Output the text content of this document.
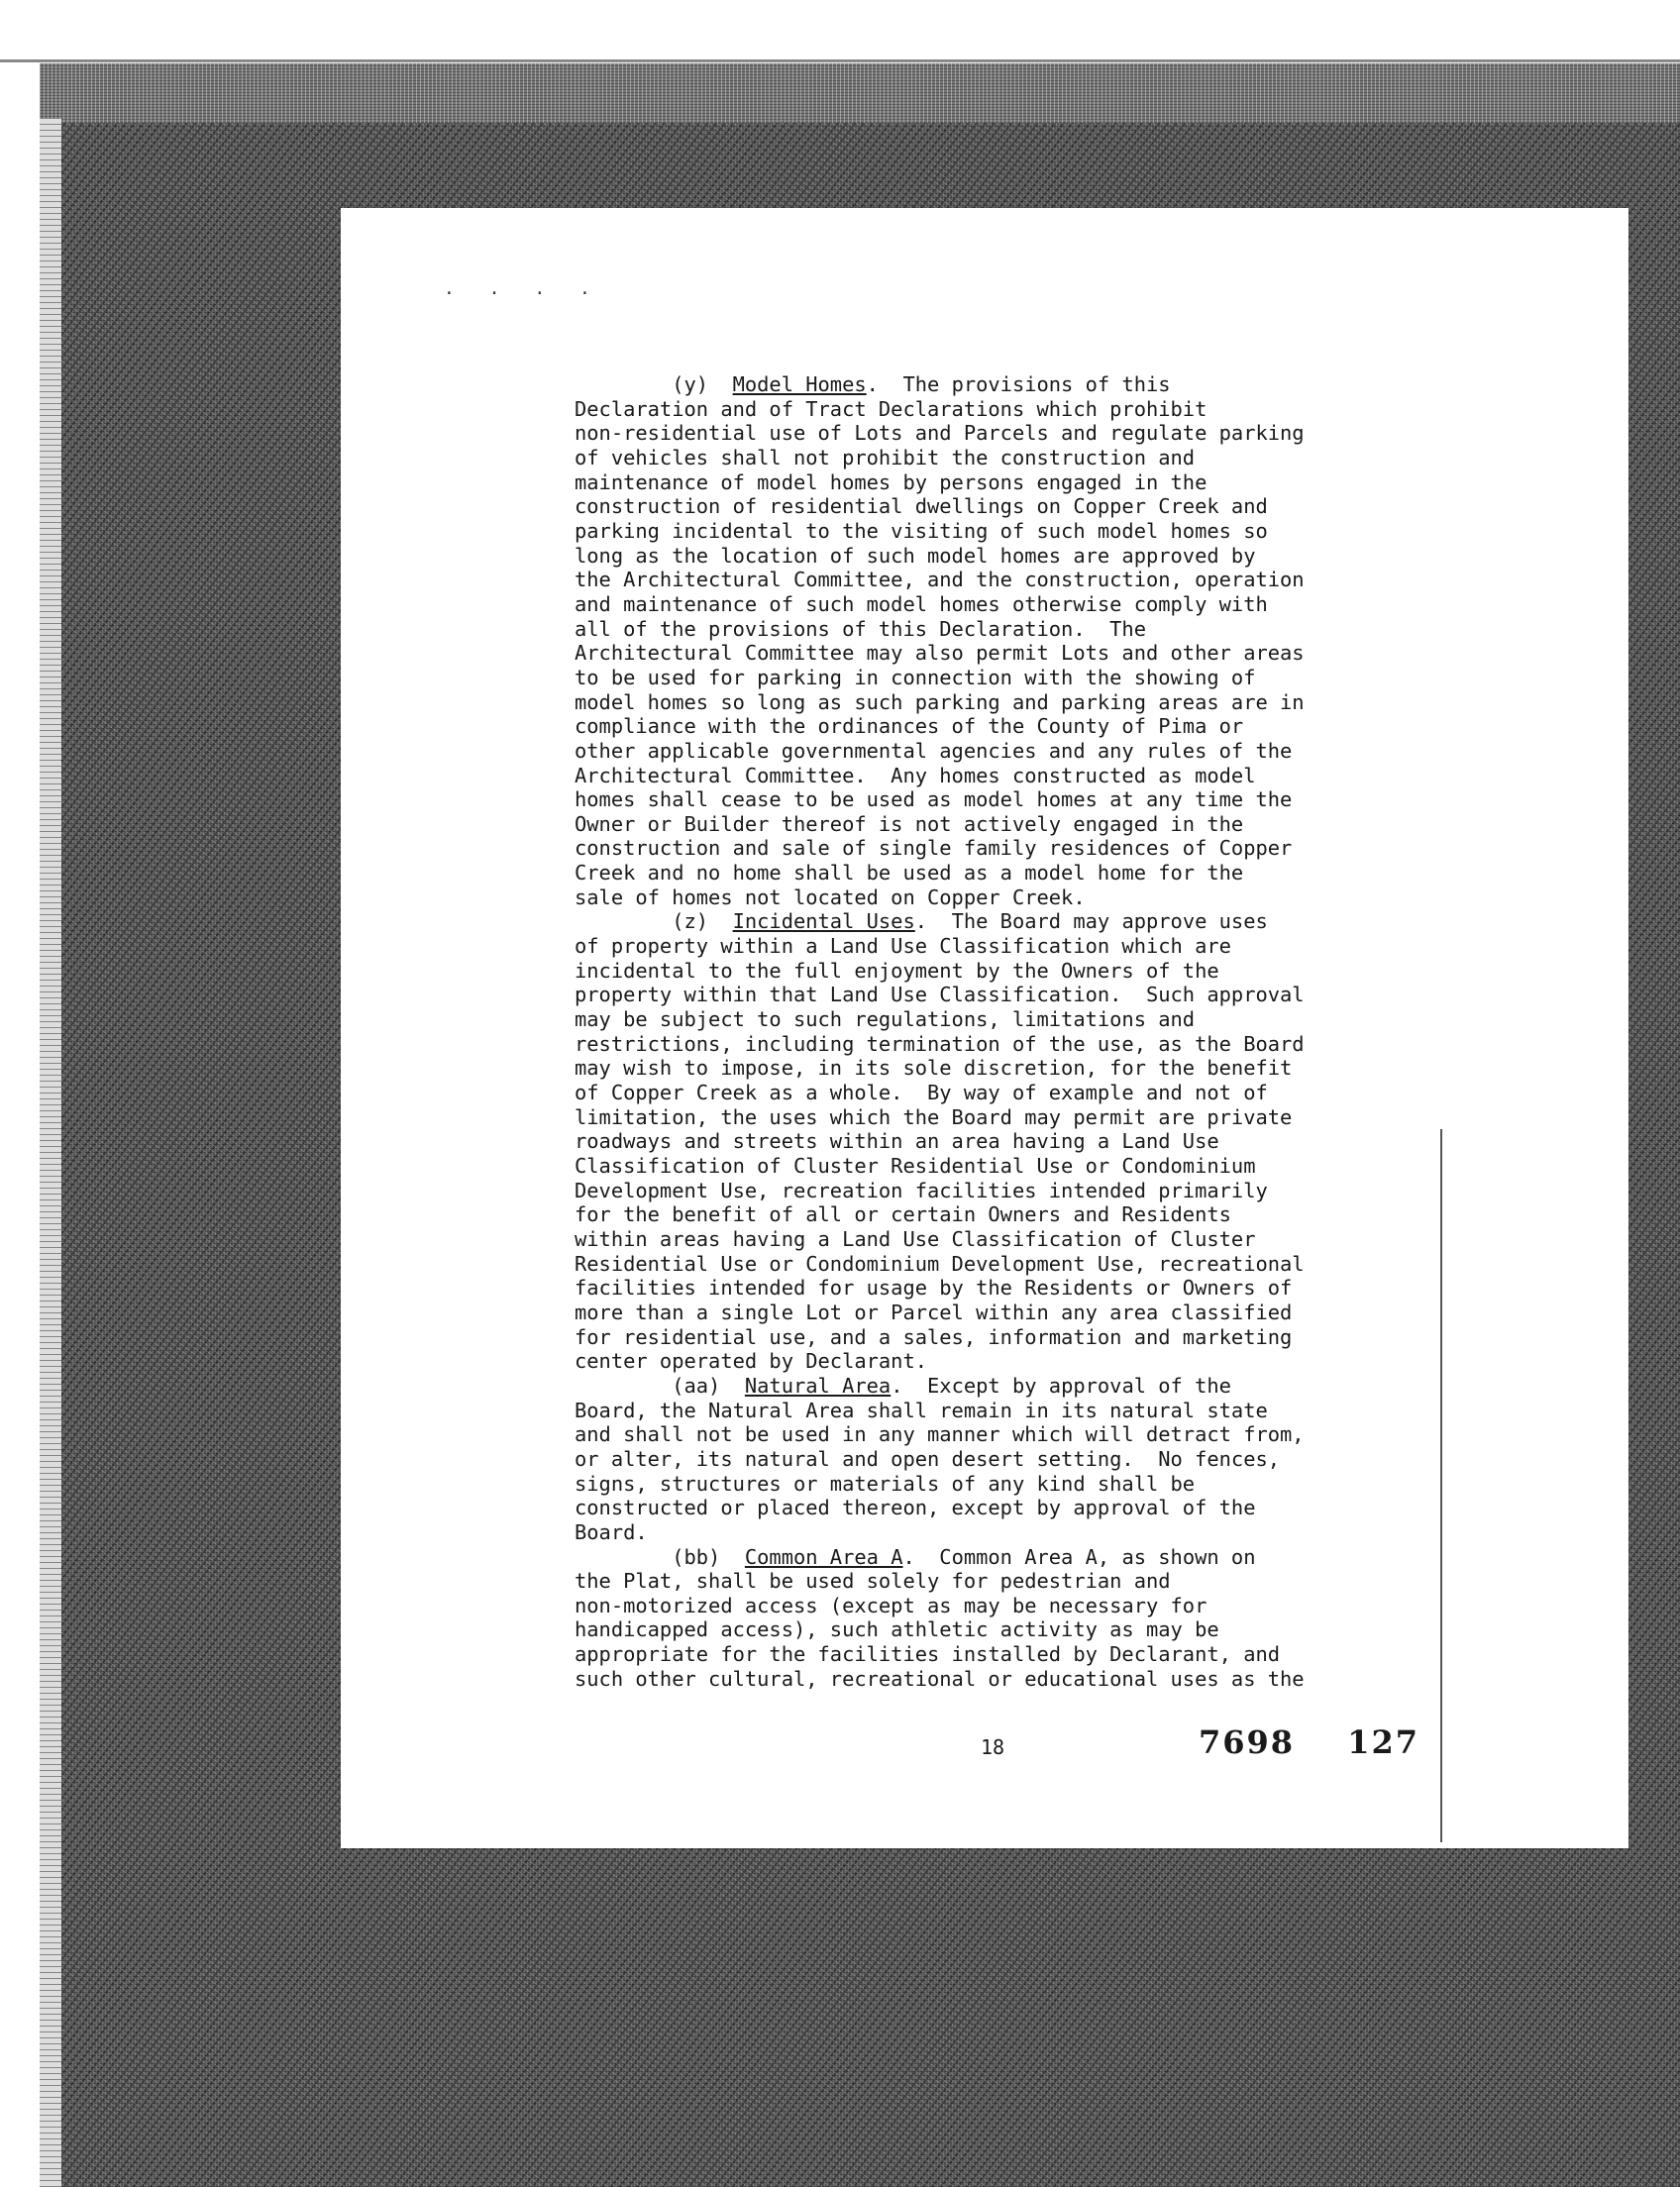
· · · ·
(y)  Model Homes.  The provisions of this
Declaration and of Tract Declarations which prohibit
non-residential use of Lots and Parcels and regulate parking
of vehicles shall not prohibit the construction and
maintenance of model homes by persons engaged in the
construction of residential dwellings on Copper Creek and
parking incidental to the visiting of such model homes so
long as the location of such model homes are approved by
the Architectural Committee, and the construction, operation
and maintenance of such model homes otherwise comply with
all of the provisions of this Declaration.  The
Architectural Committee may also permit Lots and other areas
to be used for parking in connection with the showing of
model homes so long as such parking and parking areas are in
compliance with the ordinances of the County of Pima or
other applicable governmental agencies and any rules of the
Architectural Committee.  Any homes constructed as model
homes shall cease to be used as model homes at any time the
Owner or Builder thereof is not actively engaged in the
construction and sale of single family residences of Copper
Creek and no home shall be used as a model home for the
sale of homes not located on Copper Creek.
(z)  Incidental Uses.  The Board may approve uses
of property within a Land Use Classification which are
incidental to the full enjoyment by the Owners of the
property within that Land Use Classification.  Such approval
may be subject to such regulations, limitations and
restrictions, including termination of the use, as the Board
may wish to impose, in its sole discretion, for the benefit
of Copper Creek as a whole.  By way of example and not of
limitation, the uses which the Board may permit are private
roadways and streets within an area having a Land Use
Classification of Cluster Residential Use or Condominium
Development Use, recreation facilities intended primarily
for the benefit of all or certain Owners and Residents
within areas having a Land Use Classification of Cluster
Residential Use or Condominium Development Use, recreational
facilities intended for usage by the Residents or Owners of
more than a single Lot or Parcel within any area classified
for residential use, and a sales, information and marketing
center operated by Declarant.
(aa)  Natural Area.  Except by approval of the
Board, the Natural Area shall remain in its natural state
and shall not be used in any manner which will detract from,
or alter, its natural and open desert setting.  No fences,
signs, structures or materials of any kind shall be
constructed or placed thereon, except by approval of the
Board.
(bb)  Common Area A.  Common Area A, as shown on
the Plat, shall be used solely for pedestrian and
non-motorized access (except as may be necessary for
handicapped access), such athletic activity as may be
appropriate for the facilities installed by Declarant, and
such other cultural, recreational or educational uses as the
18	7698 127
